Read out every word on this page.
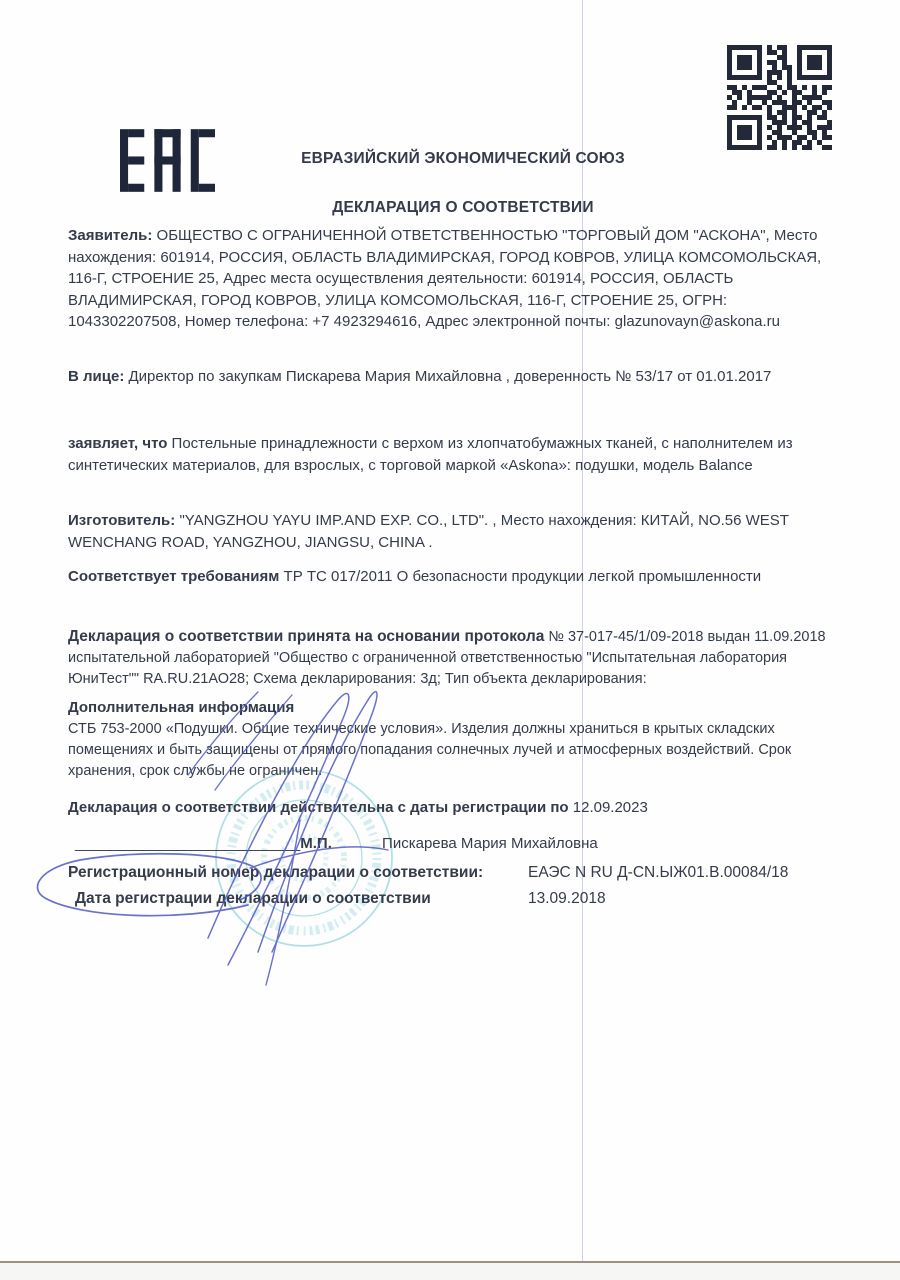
ЕВРАЗИЙСКИЙ ЭКОНОМИЧЕСКИЙ СОЮЗ
ДЕКЛАРАЦИЯ О СООТВЕТСТВИИ
Заявитель: ОБЩЕСТВО С ОГРАНИЧЕННОЙ ОТВЕТСТВЕННОСТЬЮ "ТОРГОВЫЙ ДОМ "АСКОНА", Место нахождения: 601914, РОССИЯ, ОБЛАСТЬ ВЛАДИМИРСКАЯ, ГОРОД КОВРОВ, УЛИЦА КОМСОМОЛЬСКАЯ, 116-Г, СТРОЕНИЕ 25, Адрес места осуществления деятельности: 601914, РОССИЯ, ОБЛАСТЬ ВЛАДИМИРСКАЯ, ГОРОД КОВРОВ, УЛИЦА КОМСОМОЛЬСКАЯ, 116-Г, СТРОЕНИЕ 25, ОГРН: 1043302207508, Номер телефона: +7 4923294616, Адрес электронной почты: glazunovayn@askona.ru
В лице: Директор по закупкам Пискарева Мария Михайловна , доверенность № 53/17 от 01.01.2017
заявляет, что Постельные принадлежности с верхом из хлопчатобумажных тканей, с наполнителем из синтетических материалов, для взрослых, с торговой маркой «Askona»: подушки, модель Balance
Изготовитель: "YANGZHOU YAYU IMP.AND EXP. CO., LTD". , Место нахождения: КИТАЙ, NO.56 WEST WENCHANG ROAD, YANGZHOU, JIANGSU, CHINA .
Соответствует требованиям ТР ТС 017/2011 О безопасности продукции легкой промышленности
Декларация о соответствии принята на основании протокола № 37-017-45/1/09-2018 выдан 11.09.2018 испытательной лабораторией "Общество с ограниченной ответственностью "Испытательная лаборатория ЮниТест"" RA.RU.21АО28; Схема декларирования: 3д; Тип объекта декларирования:
Дополнительная информация
СТБ 753-2000 «Подушки. Общие технические условия». Изделия должны храниться в крытых складских помещениях и быть защищены от прямого попадания солнечных лучей и атмосферных воздействий. Срок хранения, срок службы не ограничен.
Декларация о соответствии действительна с даты регистрации по 12.09.2023
___________________________М.П.	Пискарева Мария Михайловна
Регистрационный номер декларации о соответствии:	ЕАЭС N RU Д-CN.ЫЖ01.В.00084/18
Дата регистрации декларации о соответствии	13.09.2018
